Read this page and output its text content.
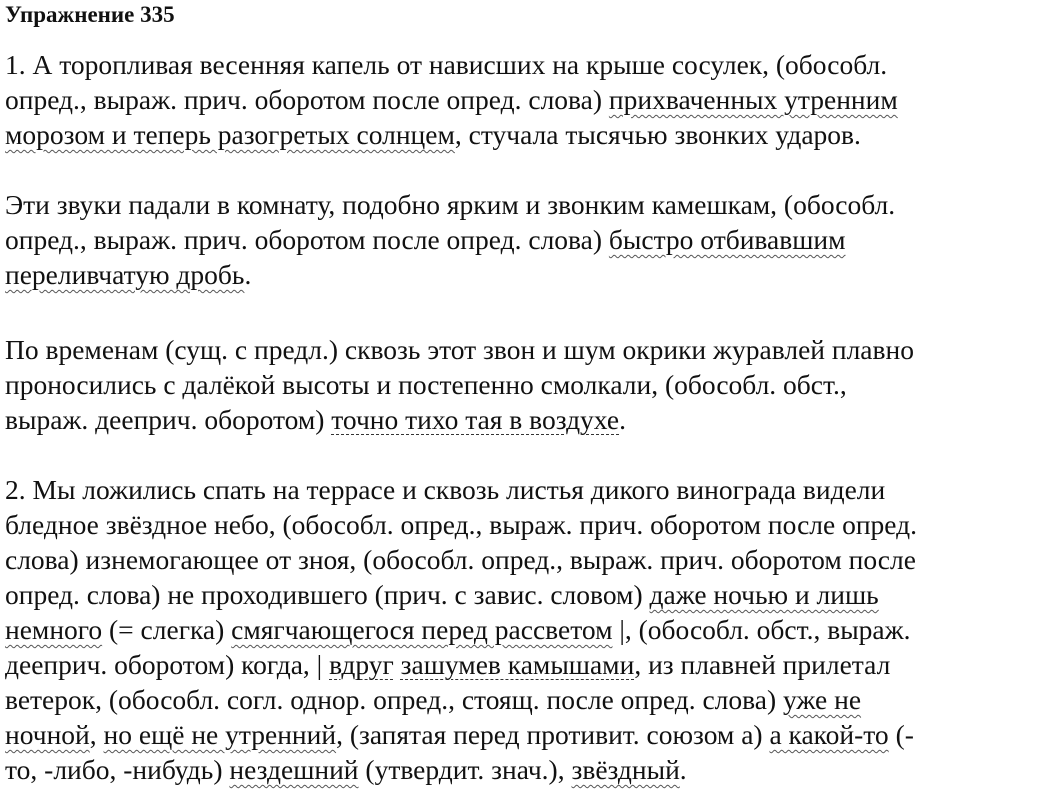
Упражнение 335
1. А торопливая весенняя капель от нависших на крыше сосулек, (обособл.
опред., выраж. прич. оборотом после опред. слова) прихваченных утренним
морозом и теперь разогретых солнцем, стучала тысячью звонких ударов.
Эти звуки падали в комнату, подобно ярким и звонким камешкам, (обособл.
опред., выраж. прич. оборотом после опред. слова) быстро отбивавшим
переливчатую дробь.
По временам (сущ. с предл.) сквозь этот звон и шум окрики журавлей плавно
проносились с далёкой высоты и постепенно смолкали, (обособл. обст.,
выраж. дееприч. оборотом) точно тихо тая в воздухе.
2. Мы ложились спать на террасе и сквозь листья дикого винограда видели
бледное звёздное небо, (обособл. опред., выраж. прич. оборотом после опред.
слова) изнемогающее от зноя, (обособл. опред., выраж. прич. оборотом после
опред. слова) не проходившего (прич. с завис. словом) даже ночью и лишь
немного (= слегка) смягчающегося перед рассветом |, (обособл. обст., выраж.
дееприч. оборотом) когда, | вдруг зашумев камышами, из плавней прилетал
ветерок, (обособл. согл. однор. опред., стоящ. после опред. слова) уже не
ночной, но ещё не утренний, (запятая перед противит. союзом а) а какой-то (-
то, -либо, -нибудь) нездешний (утвердит. знач.), звёздный.
